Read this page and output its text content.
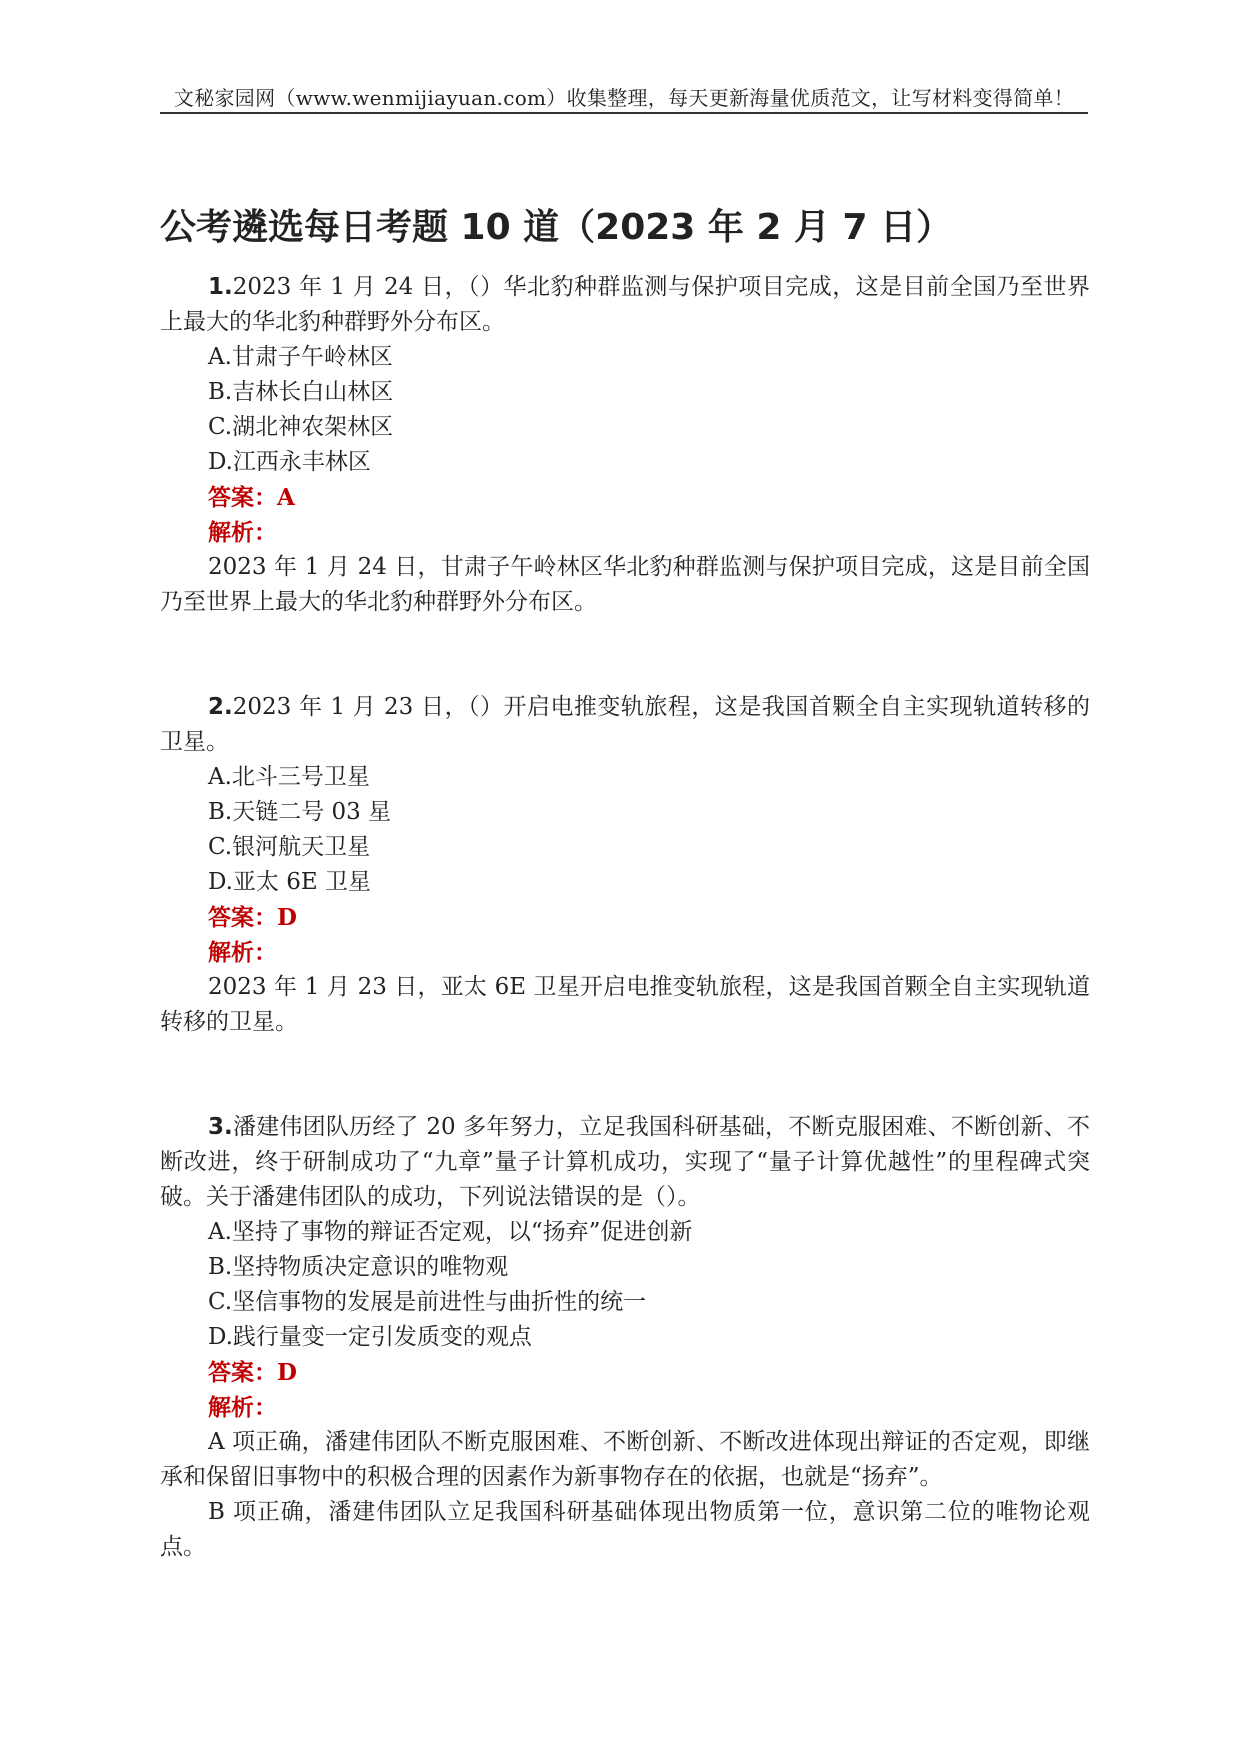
文秘家园网（www.wenmijiayuan.com）收集整理，每天更新海量优质范文，让写材料变得简单！
公考遴选每日考题 10 道（2023 年 2 月 7 日）

1.2023 年 1 月 24 日，（）华北豹种群监测与保护项目完成，这是目前全国乃至世界上最大的华北豹种群野外分布区。

A.甘肃子午岭林区

B.吉林长白山林区

C.湖北神农架林区

D.江西永丰林区

答案：A

解析：

2023 年 1 月 24 日，甘肃子午岭林区华北豹种群监测与保护项目完成，这是目前全国乃至世界上最大的华北豹种群野外分布区。

2.2023 年 1 月 23 日，（）开启电推变轨旅程，这是我国首颗全自主实现轨道转移的卫星。

A.北斗三号卫星

B.天链二号 03 星

C.银河航天卫星

D.亚太 6E 卫星

答案：D

解析：

2023 年 1 月 23 日，亚太 6E 卫星开启电推变轨旅程，这是我国首颗全自主实现轨道转移的卫星。

3.潘建伟团队历经了 20 多年努力，立足我国科研基础，不断克服困难、不断创新、不断改进，终于研制成功了“九章”量子计算机成功，实现了“量子计算优越性”的里程碑式突破。关于潘建伟团队的成功，下列说法错误的是（）。

A.坚持了事物的辩证否定观，以“扬弃”促进创新

B.坚持物质决定意识的唯物观

C.坚信事物的发展是前进性与曲折性的统一

D.践行量变一定引发质变的观点

答案：D

解析：

A 项正确，潘建伟团队不断克服困难、不断创新、不断改进体现出辩证的否定观，即继承和保留旧事物中的积极合理的因素作为新事物存在的依据，也就是“扬弃”。

B 项正确，潘建伟团队立足我国科研基础体现出物质第一位，意识第二位的唯物论观点。
